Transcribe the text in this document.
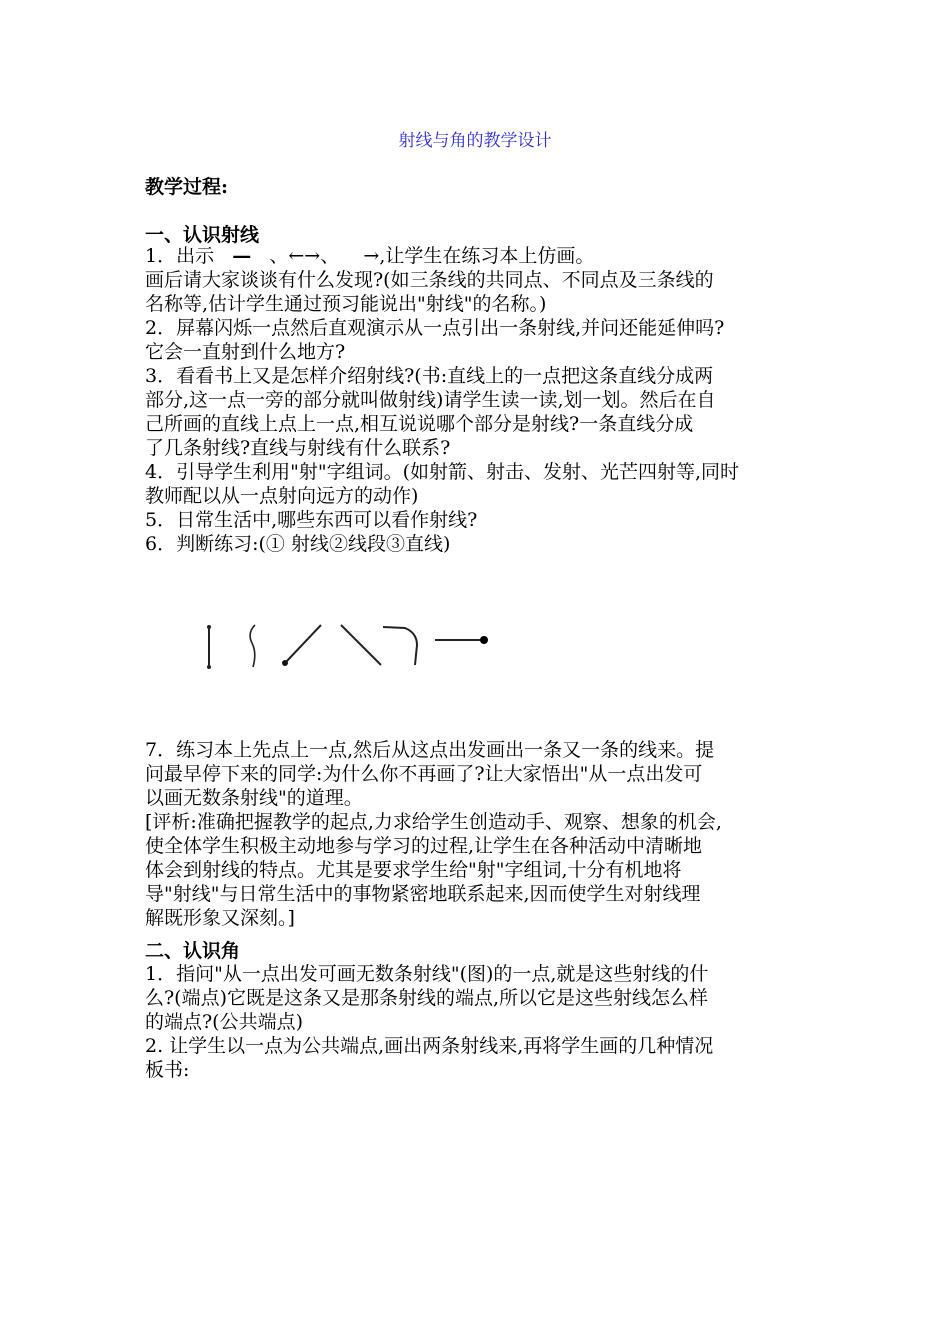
射线与角的教学设计

教学过程:

一、认识射线

1．出示 — 、←→、 →,让学生在练习本上仿画。

画后请大家谈谈有什么发现?(如三条线的共同点、不同点及三条线的
名称等,估计学生通过预习能说出"射线"的名称。)
2．屏幕闪烁一点然后直观演示从一点引出一条射线,并问还能延伸吗?
它会一直射到什么地方?
3．看看书上又是怎样介绍射线?(书:直线上的一点把这条直线分成两
部分,这一点一旁的部分就叫做射线)请学生读一读,划一划。然后在自
己所画的直线上点上一点,相互说说哪个部分是射线?一条直线分成
了几条射线?直线与射线有什么联系?
4．引导学生利用"射"字组词。(如射箭、射击、发射、光芒四射等,同时
教师配以从一点射向远方的动作)
5．日常生活中,哪些东西可以看作射线?
6．判断练习:(① 射线②线段③直线)
7．练习本上先点上一点,然后从这点出发画出一条又一条的线来。提
问最早停下来的同学:为什么你不再画了?让大家悟出"从一点出发可
以画无数条射线"的道理。
[评析:准确把握教学的起点,力求给学生创造动手、观察、想象的机会,
使全体学生积极主动地参与学习的过程,让学生在各种活动中清晰地
体会到射线的特点。尤其是要求学生给"射"字组词,十分有机地将
导"射线"与日常生活中的事物紧密地联系起来,因而使学生对射线理
解既形象又深刻。]

二、认识角

1．指问"从一点出发可画无数条射线"(图)的一点,就是这些射线的什
么?(端点)它既是这条又是那条射线的端点,所以它是这些射线怎么样
的端点?(公共端点)
2. 让学生以一点为公共端点,画出两条射线来,再将学生画的几种情况
板书:
